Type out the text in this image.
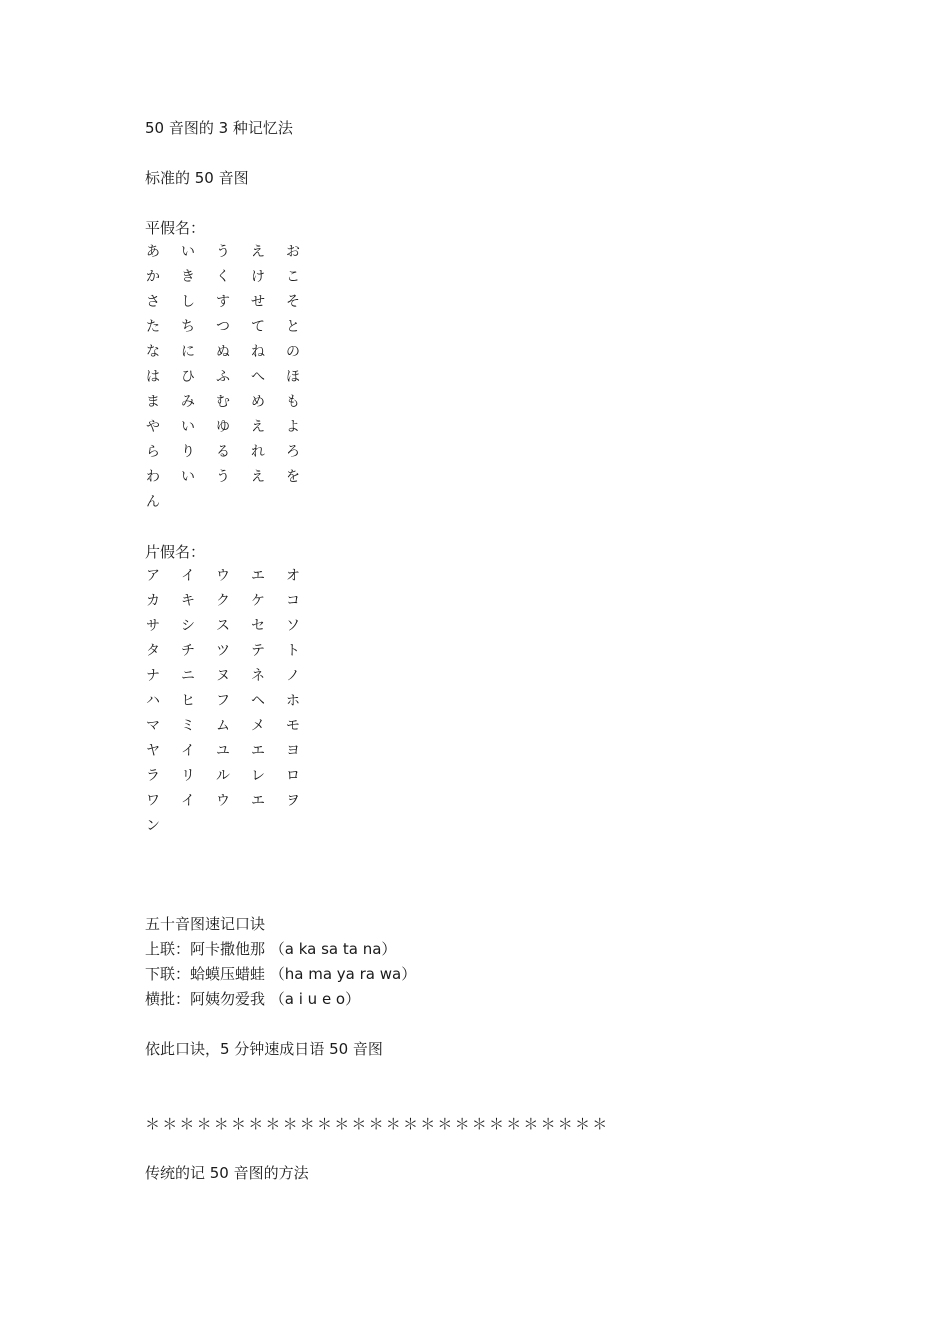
50 音图的 3 种记忆法
标准的 50 音图
平假名：
あ	い	う	え	お
か	き	く	け	こ
さ	し	す	せ	そ
た	ち	つ	て	と
な	に	ぬ	ね	の
は	ひ	ふ	へ	ほ
ま	み	む	め	も
や	い	ゆ	え	よ
ら	り	る	れ	ろ
わ	い	う	え	を
ん
片假名：
ア	イ	ウ	エ	オ
カ	キ	ク	ケ	コ
サ	シ	ス	セ	ソ
タ	チ	ツ	テ	ト
ナ	ニ	ヌ	ネ	ノ
ハ	ヒ	フ	ヘ	ホ
マ	ミ	ム	メ	モ
ヤ	イ	ユ	エ	ヨ
ラ	リ	ル	レ	ロ
ワ	イ	ウ	エ	ヲ
ン
五十音图速记口诀
上联：阿卡撒他那 （a ka sa ta na）
下联：蛤蟆压蜡蛙 （ha ma ya ra wa）
横批：阿姨勿爱我 （a i u e o）
依此口诀，5 分钟速成日语 50 音图
＊＊＊＊＊＊＊＊＊＊＊＊＊＊＊＊＊＊＊＊＊＊＊＊＊＊＊
传统的记 50 音图的方法
